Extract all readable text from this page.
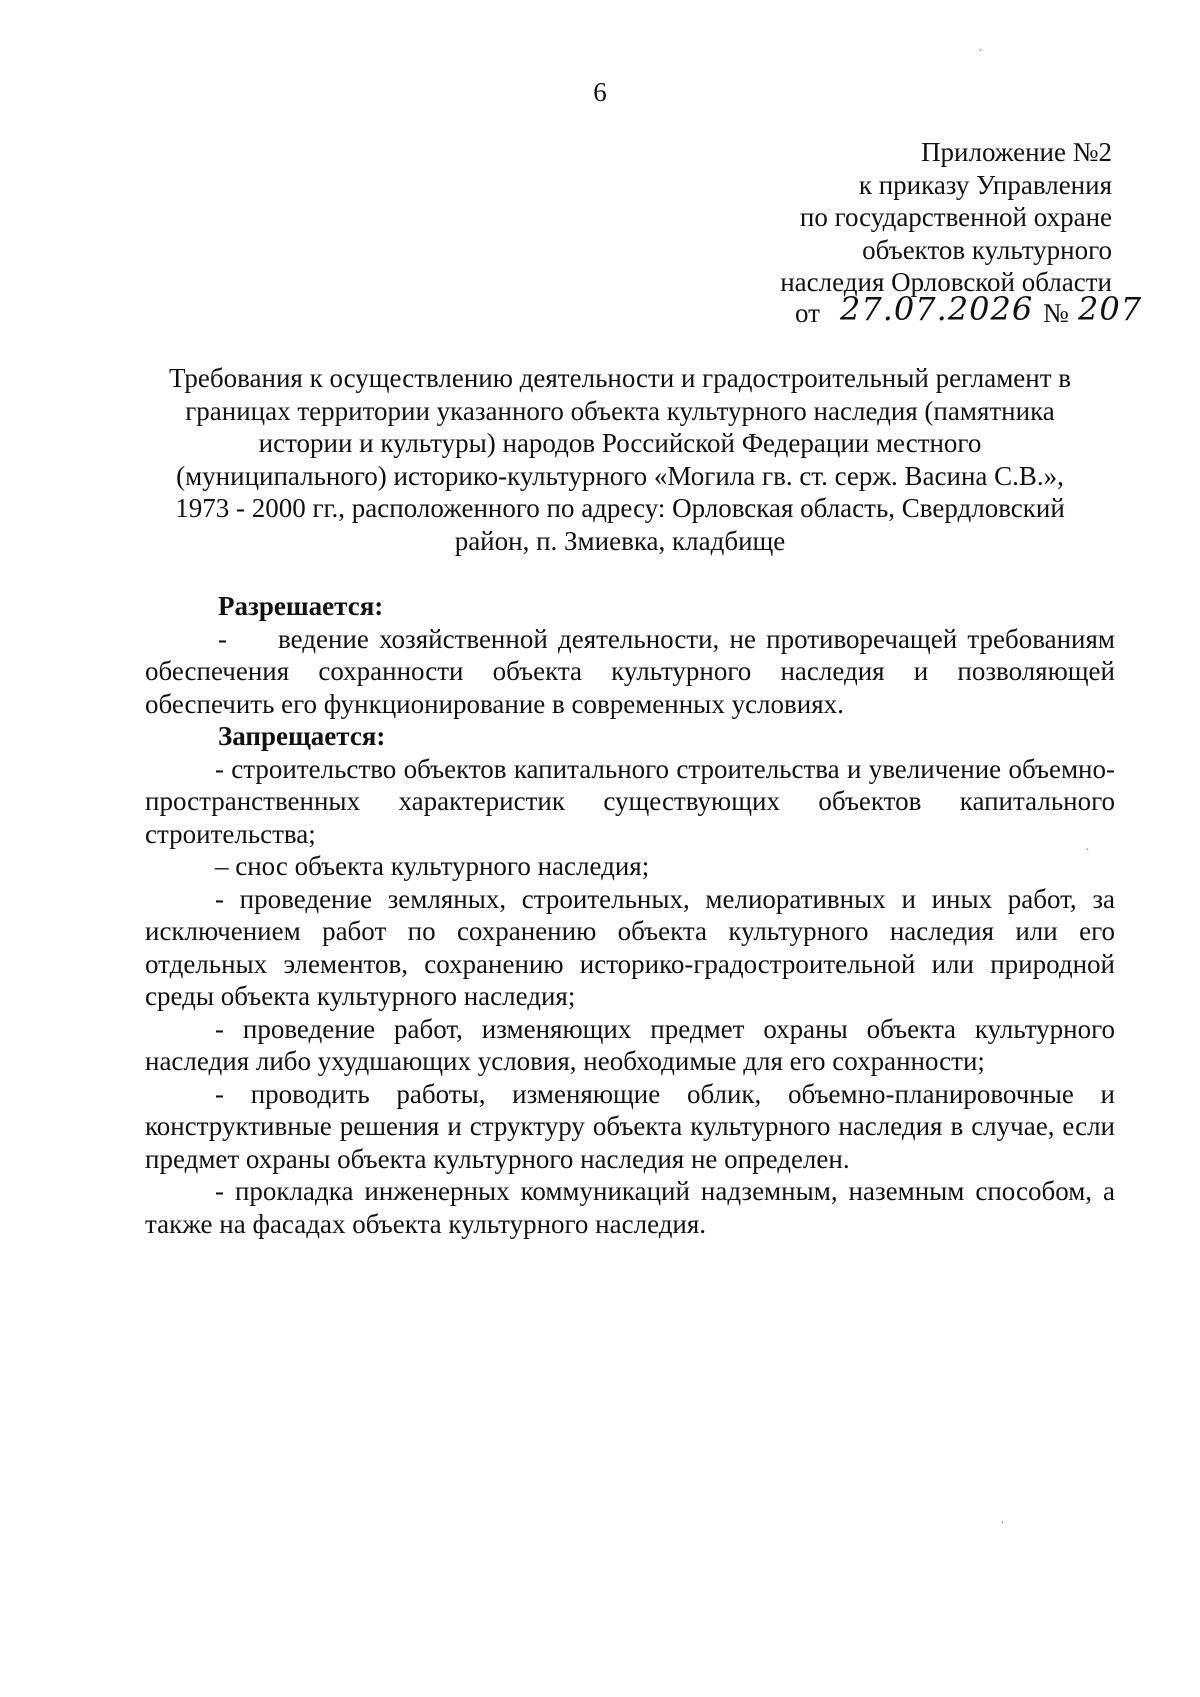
6
Приложение №2
к приказу Управления
по государственной охране
объектов культурного
наследия Орловской области
от 27.07.2026 № 207
Требования к осуществлению деятельности и градостроительный регламент в
границах территории указанного объекта культурного наследия (памятника
истории и культуры) народов Российской Федерации местного
(муниципального) историко-культурного «Могила гв. ст. серж. Васина С.В.»,
1973 - 2000 гг., расположенного по адресу: Орловская область, Свердловский
район, п. Змиевка, кладбище
Разрешается:
-     ведение хозяйственной деятельности, не противоречащей требованиям обеспечения сохранности объекта культурного наследия и позволяющей обеспечить его функционирование в современных условиях.
Запрещается:
- строительство объектов капитального строительства и увеличение объемно-пространственных характеристик существующих объектов капитального строительства;
– снос объекта культурного наследия;
- проведение земляных, строительных, мелиоративных и иных работ, за исключением работ по сохранению объекта культурного наследия или его отдельных элементов, сохранению историко-градостроительной или природной среды объекта культурного наследия;
- проведение работ, изменяющих предмет охраны объекта культурного наследия либо ухудшающих условия, необходимые для его сохранности;
- проводить работы, изменяющие облик, объемно-планировочные и конструктивные решения и структуру объекта культурного наследия в случае, если предмет охраны объекта культурного наследия не определен.
- прокладка инженерных коммуникаций надземным, наземным способом, а также на фасадах объекта культурного наследия.
·
·
·
